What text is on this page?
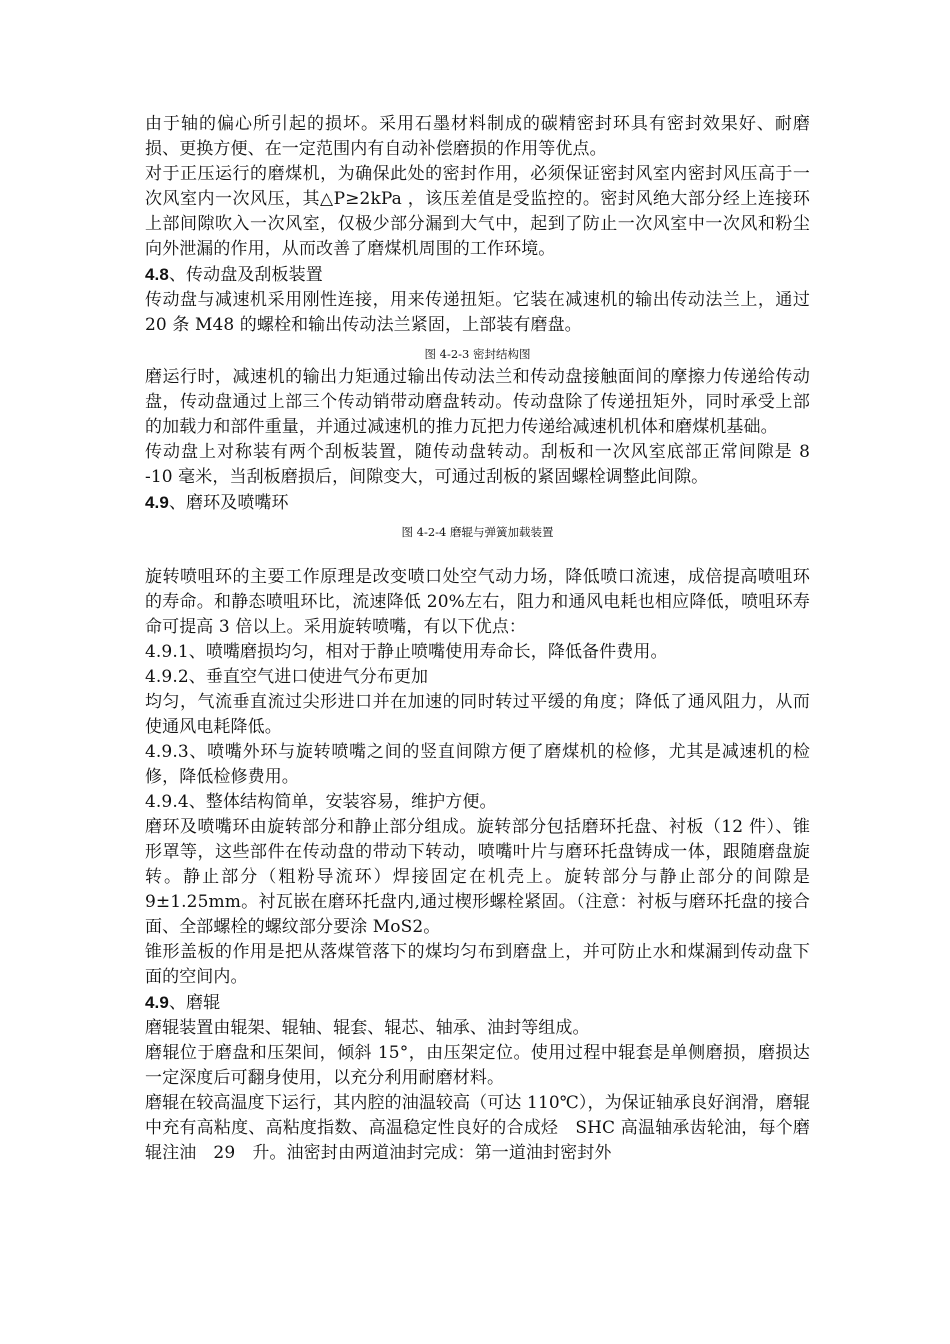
由于轴的偏心所引起的损坏。采用石墨材料制成的碳精密封环具有密封效果好、耐磨损、更换方便、在一定范围内有自动补偿磨损的作用等优点。

对于正压运行的磨煤机，为确保此处的密封作用，必须保证密封风室内密封风压高于一次风室内一次风压，其△P≥2kPa ，该压差值是受监控的。密封风绝大部分经上连接环上部间隙吹入一次风室，仅极少部分漏到大气中，起到了防止一次风室中一次风和粉尘向外泄漏的作用，从而改善了磨煤机周围的工作环境。

4.8、传动盘及刮板装置

传动盘与减速机采用刚性连接，用来传递扭矩。它装在减速机的输出传动法兰上，通过 20 条 M48 的螺栓和输出传动法兰紧固，上部装有磨盘。

图 4-2-3 密封结构图

磨运行时，减速机的输出力矩通过输出传动法兰和传动盘接触面间的摩擦力传递给传动盘，传动盘通过上部三个传动销带动磨盘转动。传动盘除了传递扭矩外，同时承受上部的加载力和部件重量，并通过减速机的推力瓦把力传递给减速机机体和磨煤机基础。

传动盘上对称装有两个刮板装置，随传动盘转动。刮板和一次风室底部正常间隙是 8 -10 毫米，当刮板磨损后，间隙变大，可通过刮板的紧固螺栓调整此间隙。

4.9、磨环及喷嘴环

图 4-2-4 磨辊与弹簧加载装置

旋转喷咀环的主要工作原理是改变喷口处空气动力场，降低喷口流速，成倍提高喷咀环的寿命。和静态喷咀环比，流速降低 20%左右，阻力和通风电耗也相应降低，喷咀环寿命可提高 3 倍以上。采用旋转喷嘴，有以下优点：

4.9.1、喷嘴磨损均匀，相对于静止喷嘴使用寿命长，降低备件费用。

4.9.2、垂直空气进口使进气分布更加

均匀，气流垂直流过尖形进口并在加速的同时转过平缓的角度；降低了通风阻力，从而使通风电耗降低。

4.9.3、喷嘴外环与旋转喷嘴之间的竖直间隙方便了磨煤机的检修，尤其是减速机的检修，降低检修费用。

4.9.4、整体结构简单，安装容易，维护方便。

磨环及喷嘴环由旋转部分和静止部分组成。旋转部分包括磨环托盘、衬板（12 件）、锥形罩等，这些部件在传动盘的带动下转动，喷嘴叶片与磨环托盘铸成一体，跟随磨盘旋转。静止部分（粗粉导流环）焊接固定在机壳上。旋转部分与静止部分的间隙是 9±1.25mm。衬瓦嵌在磨环托盘内,通过楔形螺栓紧固。（注意：衬板与磨环托盘的接合面、全部螺栓的螺纹部分要涂 MoS2。

锥形盖板的作用是把从落煤管落下的煤均匀布到磨盘上，并可防止水和煤漏到传动盘下面的空间内。

4.9、磨辊

磨辊装置由辊架、辊轴、辊套、辊芯、轴承、油封等组成。

磨辊位于磨盘和压架间，倾斜 15°，由压架定位。使用过程中辊套是单侧磨损，磨损达一定深度后可翻身使用，以充分利用耐磨材料。

磨辊在较高温度下运行，其内腔的油温较高（可达 110℃），为保证轴承良好润滑，磨辊中充有高粘度、高粘度指数、高温稳定性良好的合成烃　SHC 高温轴承齿轮油，每个磨辊注油　29　升。油密封由两道油封完成：第一道油封密封外
